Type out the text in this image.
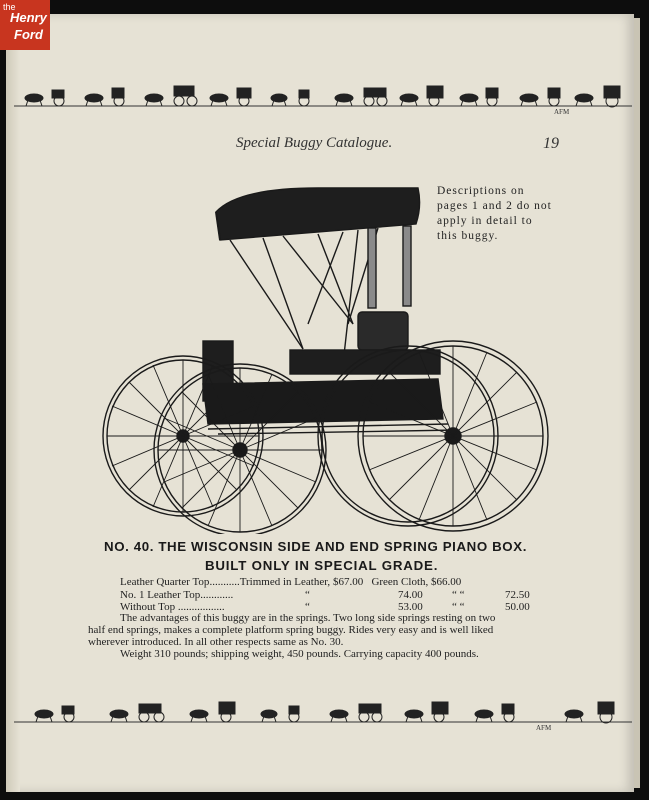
the
Henry
Ford
AFM
Special Buggy Catalogue.	19
Descriptions on pages 1 and 2 do not apply in detail to this buggy.
NO. 40. THE WISCONSIN SIDE AND END SPRING PIANO BOX.
BUILT ONLY IN SPECIAL GRADE.
Leather Quarter Top...........Trimmed in Leather, $67.00 Green Cloth, $66.00
No. 1 Leather Top............	“	74.00	“ “	72.50
Without Top .................	“	53.00	“ “	50.00
The advantages of this buggy are in the springs. Two long side springs resting on two
half end springs, makes a complete platform spring buggy. Rides very easy and is well liked
wherever introduced. In all other respects same as No. 30.
Weight 310 pounds; shipping weight, 450 pounds. Carrying capacity 400 pounds.
AFM
